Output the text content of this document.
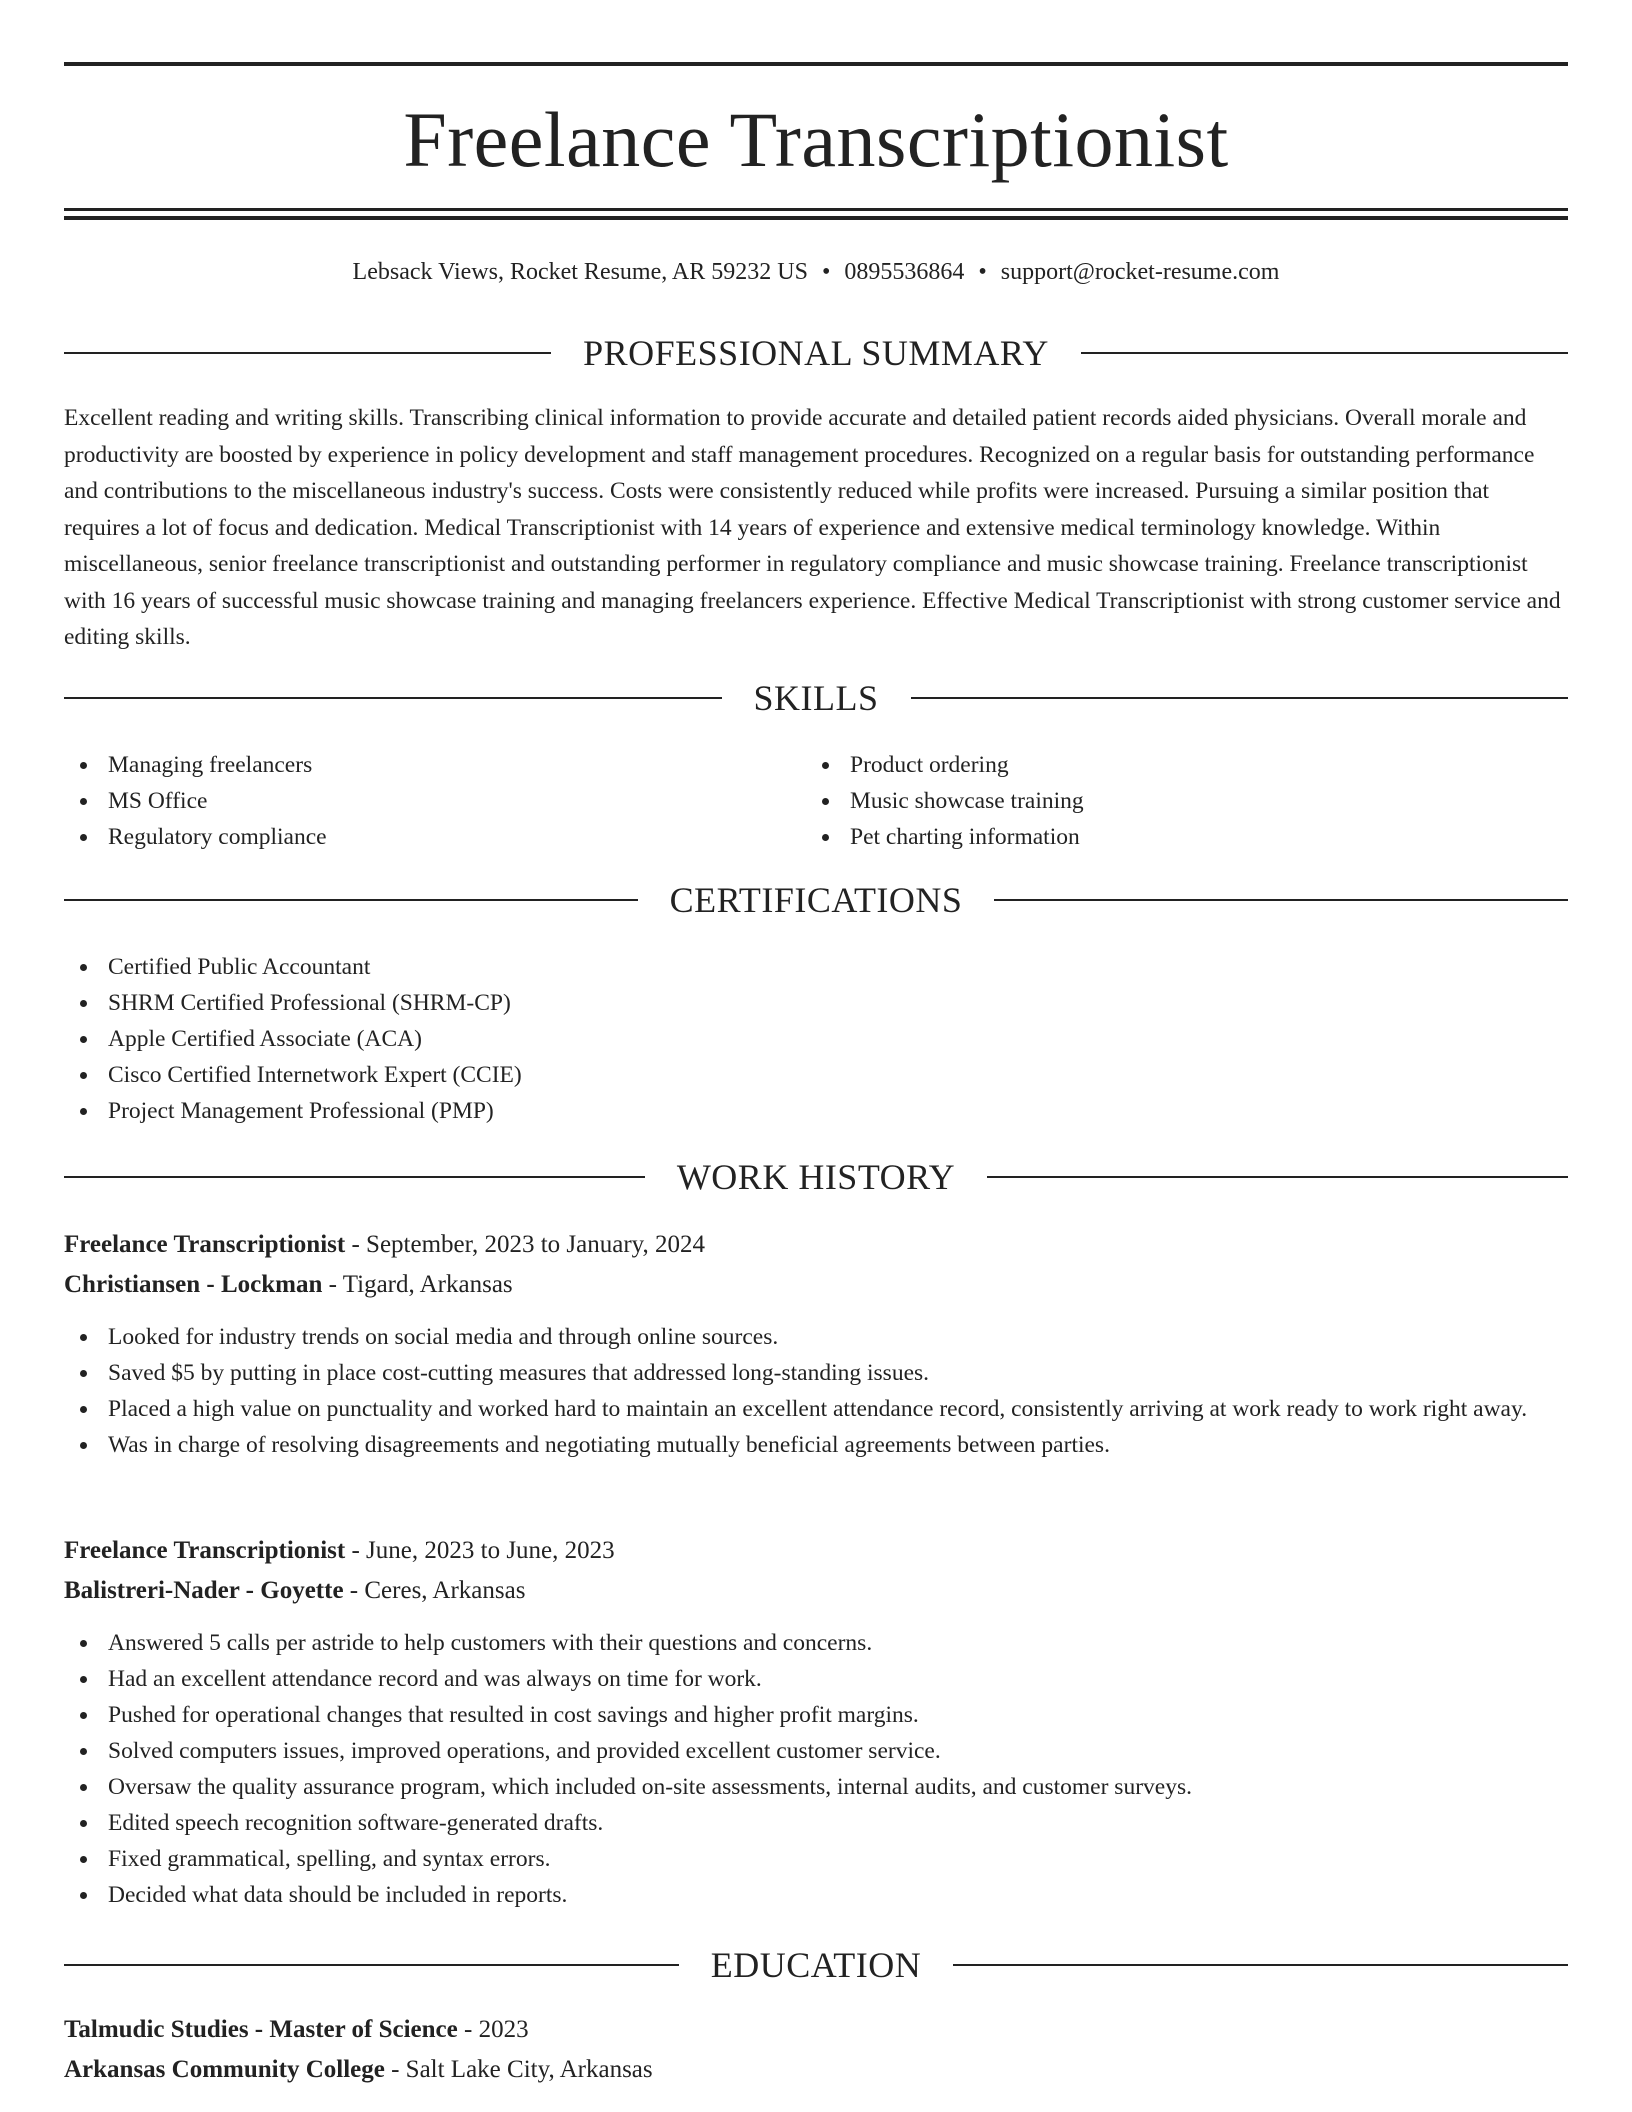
Freelance Transcriptionist
Lebsack Views, Rocket Resume, AR 59232 US • 0895536864 • support@rocket-resume.com
PROFESSIONAL SUMMARY

Excellent reading and writing skills. Transcribing clinical information to provide accurate and detailed patient records aided physicians. Overall morale and productivity are boosted by experience in policy development and staff management procedures. Recognized on a regular basis for outstanding performance and contributions to the miscellaneous industry's success. Costs were consistently reduced while profits were increased. Pursuing a similar position that requires a lot of focus and dedication. Medical Transcriptionist with 14 years of experience and extensive medical terminology knowledge. Within miscellaneous, senior freelance transcriptionist and outstanding performer in regulatory compliance and music showcase training. Freelance transcriptionist with 16 years of successful music showcase training and managing freelancers experience. Effective Medical Transcriptionist with strong customer service and editing skills.

SKILLS
Managing freelancers
MS Office
Regulatory compliance
Product ordering
Music showcase training
Pet charting information
CERTIFICATIONS
Certified Public Accountant
SHRM Certified Professional (SHRM-CP)
Apple Certified Associate (ACA)
Cisco Certified Internetwork Expert (CCIE)
Project Management Professional (PMP)
WORK HISTORY
Freelance Transcriptionist - September, 2023 to January, 2024
Christiansen - Lockman - Tigard, Arkansas
Looked for industry trends on social media and through online sources.
Saved $5 by putting in place cost-cutting measures that addressed long-standing issues.
Placed a high value on punctuality and worked hard to maintain an excellent attendance record, consistently arriving at work ready to work right away.
Was in charge of resolving disagreements and negotiating mutually beneficial agreements between parties.
Freelance Transcriptionist - June, 2023 to June, 2023
Balistreri-Nader - Goyette - Ceres, Arkansas
Answered 5 calls per astride to help customers with their questions and concerns.
Had an excellent attendance record and was always on time for work.
Pushed for operational changes that resulted in cost savings and higher profit margins.
Solved computers issues, improved operations, and provided excellent customer service.
Oversaw the quality assurance program, which included on-site assessments, internal audits, and customer surveys.
Edited speech recognition software-generated drafts.
Fixed grammatical, spelling, and syntax errors.
Decided what data should be included in reports.
EDUCATION
Talmudic Studies - Master of Science - 2023
Arkansas Community College - Salt Lake City, Arkansas
